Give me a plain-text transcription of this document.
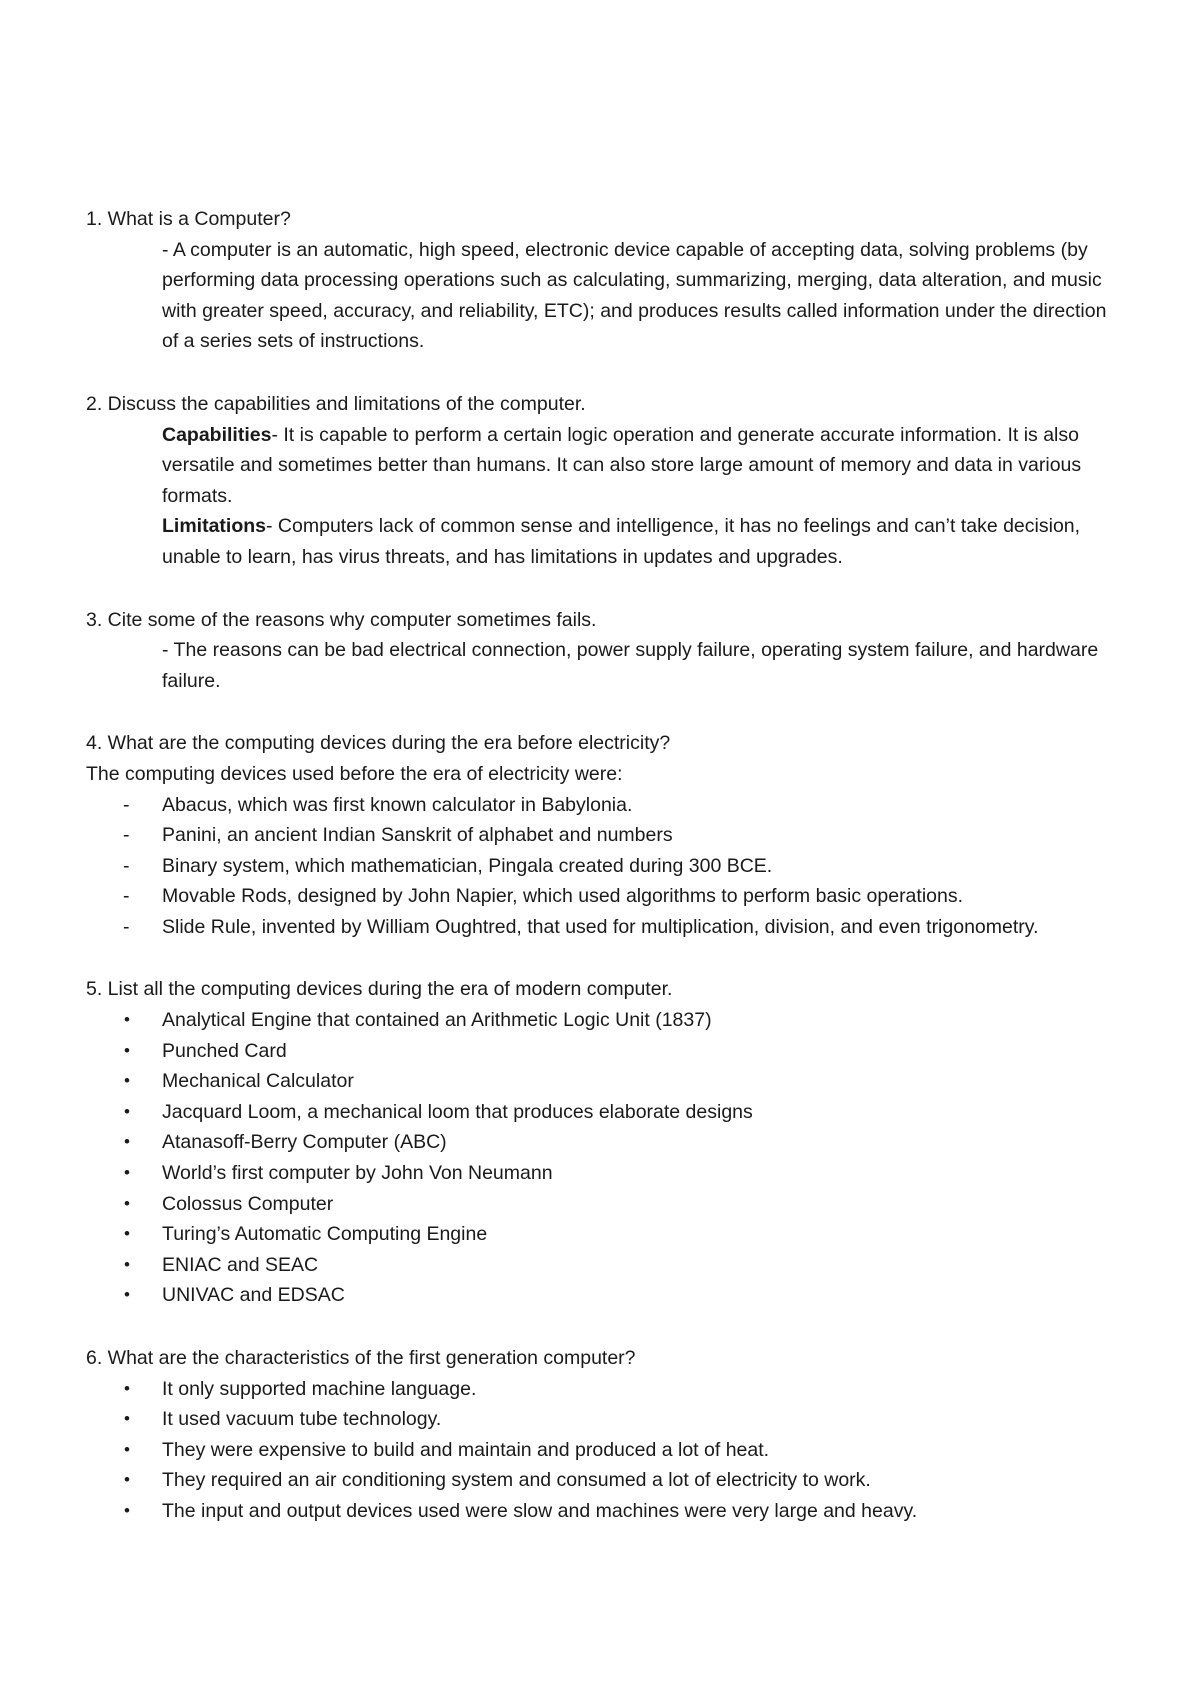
1. What is a Computer?

- A computer is an automatic, high speed, electronic device capable of accepting data, solving problems (by performing data processing operations such as calculating, summarizing, merging, data alteration, and music with greater speed, accuracy, and reliability, ETC); and produces results called information under the direction of a series sets of instructions.

2. Discuss the capabilities and limitations of the computer.

Capabilities- It is capable to perform a certain logic operation and generate accurate information. It is also versatile and sometimes better than humans. It can also store large amount of memory and data in various formats.

Limitations- Computers lack of common sense and intelligence, it has no feelings and can’t take decision, unable to learn, has virus threats, and has limitations in updates and upgrades.

3. Cite some of the reasons why computer sometimes fails.

- The reasons can be bad electrical connection, power supply failure, operating system failure, and hardware failure.

4. What are the computing devices during the era before electricity?

The computing devices used before the era of electricity were:

- Abacus, which was first known calculator in Babylonia.
- Panini, an ancient Indian Sanskrit of alphabet and numbers
- Binary system, which mathematician, Pingala created during 300 BCE.
- Movable Rods, designed by John Napier, which used algorithms to perform basic operations.
- Slide Rule, invented by William Oughtred, that used for multiplication, division, and even trigonometry.

5. List all the computing devices during the era of modern computer.

• Analytical Engine that contained an Arithmetic Logic Unit (1837)
• Punched Card
• Mechanical Calculator
• Jacquard Loom, a mechanical loom that produces elaborate designs
• Atanasoff-Berry Computer (ABC)
• World’s first computer by John Von Neumann
• Colossus Computer
• Turing’s Automatic Computing Engine
• ENIAC and SEAC
• UNIVAC and EDSAC

6. What are the characteristics of the first generation computer?

• It only supported machine language.
• It used vacuum tube technology.
• They were expensive to build and maintain and produced a lot of heat.
• They required an air conditioning system and consumed a lot of electricity to work.
• The input and output devices used were slow and machines were very large and heavy.
